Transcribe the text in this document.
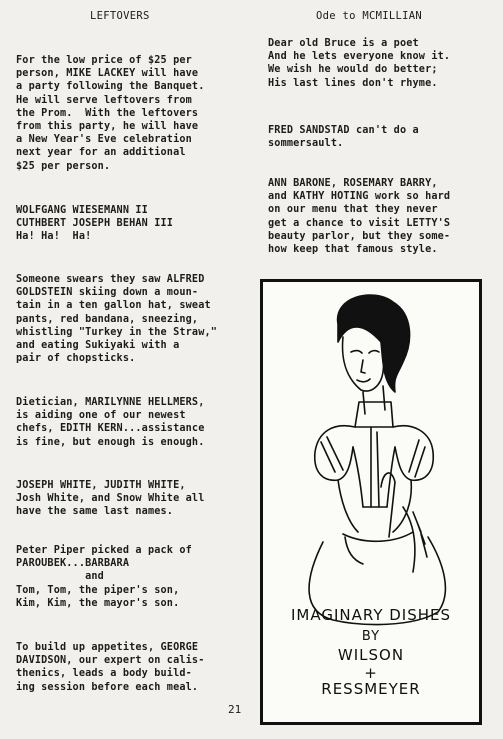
LEFTOVERS	Ode to MCMILLIAN
For the low price of $25 per
person, MIKE LACKEY will have
a party following the Banquet.
He will serve leftovers from
the Prom.  With the leftovers
from this party, he will have
a New Year's Eve celebration
next year for an additional
$25 per person.
WOLFGANG WIESEMANN II
CUTHBERT JOSEPH BEHAN III
Ha! Ha!  Ha!
Someone swears they saw ALFRED
GOLDSTEIN skiing down a moun-
tain in a ten gallon hat, sweat
pants, red bandana, sneezing,
whistling "Turkey in the Straw,"
and eating Sukiyaki with a
pair of chopsticks.
Dietician, MARILYNNE HELLMERS,
is aiding one of our newest
chefs, EDITH KERN...assistance
is fine, but enough is enough.
JOSEPH WHITE, JUDITH WHITE,
Josh White, and Snow White all
have the same last names.
Peter Piper picked a pack of
PAROUBEK...BARBARA
and
Tom, Tom, the piper's son,
Kim, Kim, the mayor's son.
To build up appetites, GEORGE
DAVIDSON, our expert on calis-
thenics, leads a body build-
ing session before each meal.
Dear old Bruce is a poet
And he lets everyone know it.
We wish he would do better;
His last lines don't rhyme.
FRED SANDSTAD can't do a
sommersault.
ANN BARONE, ROSEMARY BARRY,
and KATHY HOTING work so hard
on our menu that they never
get a chance to visit LETTY'S
beauty parlor, but they some-
how keep that famous style.
IMAGINARY DISHES
BY
WILSON
+
RESSMEYER
21
